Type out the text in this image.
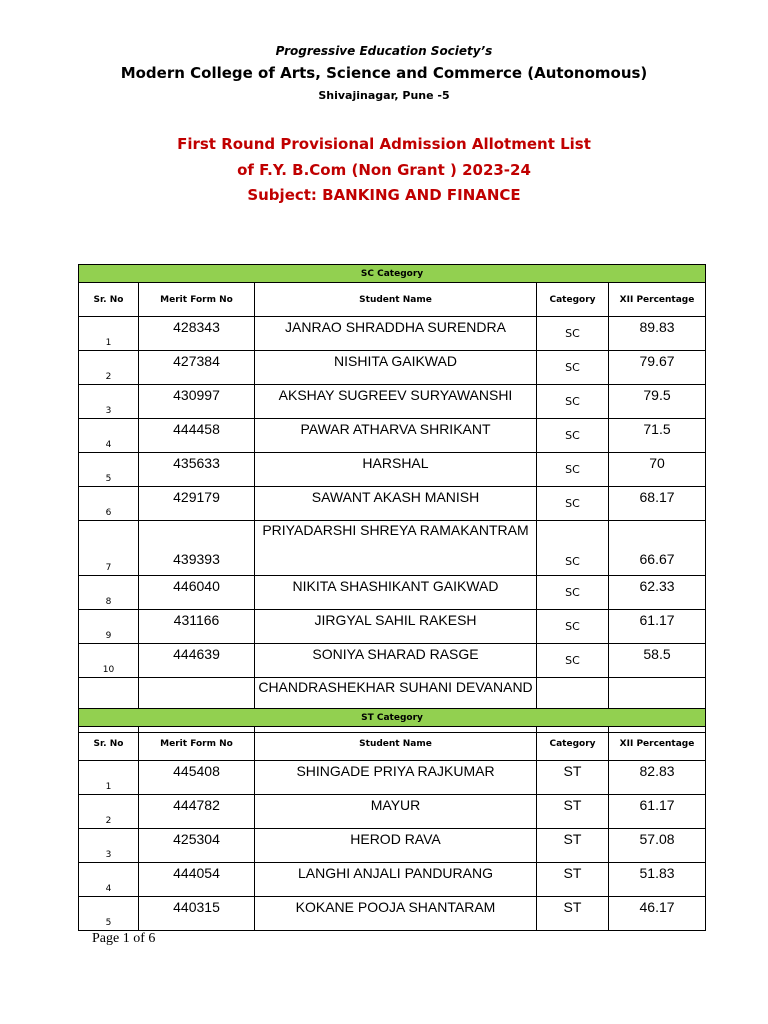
Progressive Education Society’s
Modern College of Arts, Science and Commerce (Autonomous)
Shivajinagar, Pune -5
First Round Provisional Admission Allotment List
of F.Y. B.Com (Non Grant ) 2023-24
Subject: BANKING AND FINANCE
SC Category				
Sr. No	Merit Form No	Student Name	Category	XII Percentage
1	428343	JANRAO SHRADDHA SURENDRA	SC	89.83
2	427384	NISHITA GAIKWAD	SC	79.67
3	430997	AKSHAY SUGREEV SURYAWANSHI	SC	79.5
4	444458	PAWAR ATHARVA SHRIKANT	SC	71.5
5	435633	HARSHAL	SC	70
6	429179	SAWANT AKASH MANISH	SC	68.17
7	439393	PRIYADARSHI SHREYA RAMAKANTRAM	SC	66.67
8	446040	NIKITA SHASHIKANT GAIKWAD	SC	62.33
9	431166	JIRGYAL SAHIL RAKESH	SC	61.17
10	444639	SONIYA SHARAD RASGE	SC	58.5
		CHANDRASHEKHAR SUHANI DEVANAND		
ST Category				
Sr. No	Merit Form No	Student Name	Category	XII Percentage
1	445408	SHINGADE PRIYA RAJKUMAR	ST	82.83
2	444782	MAYUR	ST	61.17
3	425304	HEROD RAVA	ST	57.08
4	444054	LANGHI ANJALI PANDURANG	ST	51.83
5	440315	KOKANE POOJA SHANTARAM	ST	46.17
Page 1 of 6
